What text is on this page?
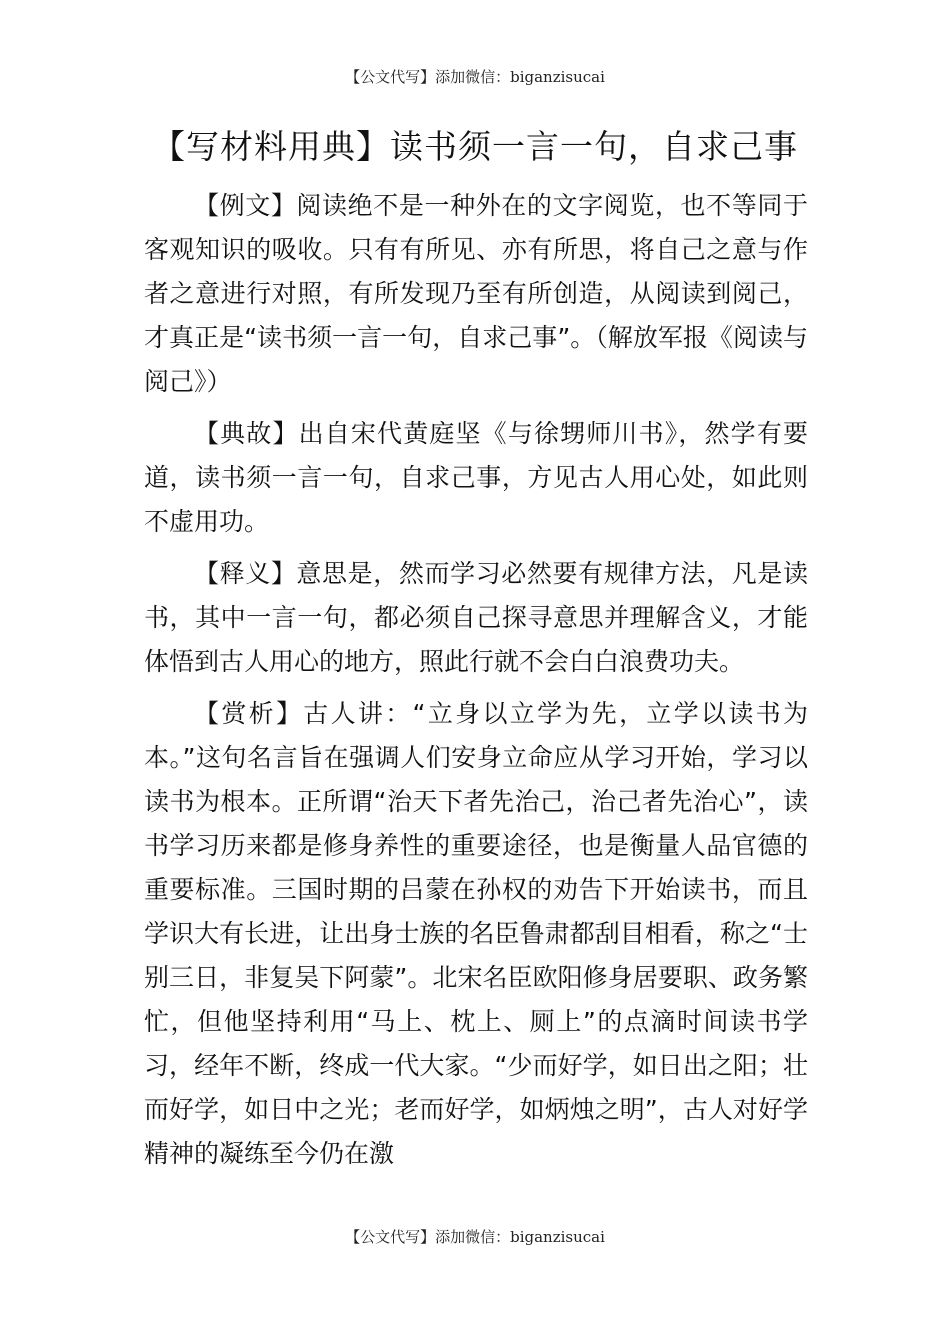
【公文代写】添加微信：biganzisucai
【写材料用典】读书须一言一句，自求己事

【例文】阅读绝不是一种外在的文字阅览，也不等同于客观知识的吸收。只有有所见、亦有所思，将自己之意与作者之意进行对照，有所发现乃至有所创造，从阅读到阅己，才真正是“读书须一言一句，自求己事”。（解放军报《阅读与阅己》）

【典故】出自宋代黄庭坚《与徐甥师川书》，然学有要道，读书须一言一句，自求己事，方见古人用心处，如此则不虚用功。

【释义】意思是，然而学习必然要有规律方法，凡是读书，其中一言一句，都必须自己探寻意思并理解含义，才能体悟到古人用心的地方，照此行就不会白白浪费功夫。

【赏析】古人讲：“立身以立学为先，立学以读书为本。”这句名言旨在强调人们安身立命应从学习开始，学习以读书为根本。正所谓“治天下者先治己，治己者先治心”，读书学习历来都是修身养性的重要途径，也是衡量人品官德的重要标准。三国时期的吕蒙在孙权的劝告下开始读书，而且学识大有长进，让出身士族的名臣鲁肃都刮目相看，称之“士别三日，非复吴下阿蒙”。北宋名臣欧阳修身居要职、政务繁忙，但他坚持利用“马上、枕上、厕上”的点滴时间读书学习，经年不断，终成一代大家。“少而好学，如日出之阳；壮而好学，如日中之光；老而好学，如炳烛之明”，古人对好学精神的凝练至今仍在激

【公文代写】添加微信：biganzisucai
